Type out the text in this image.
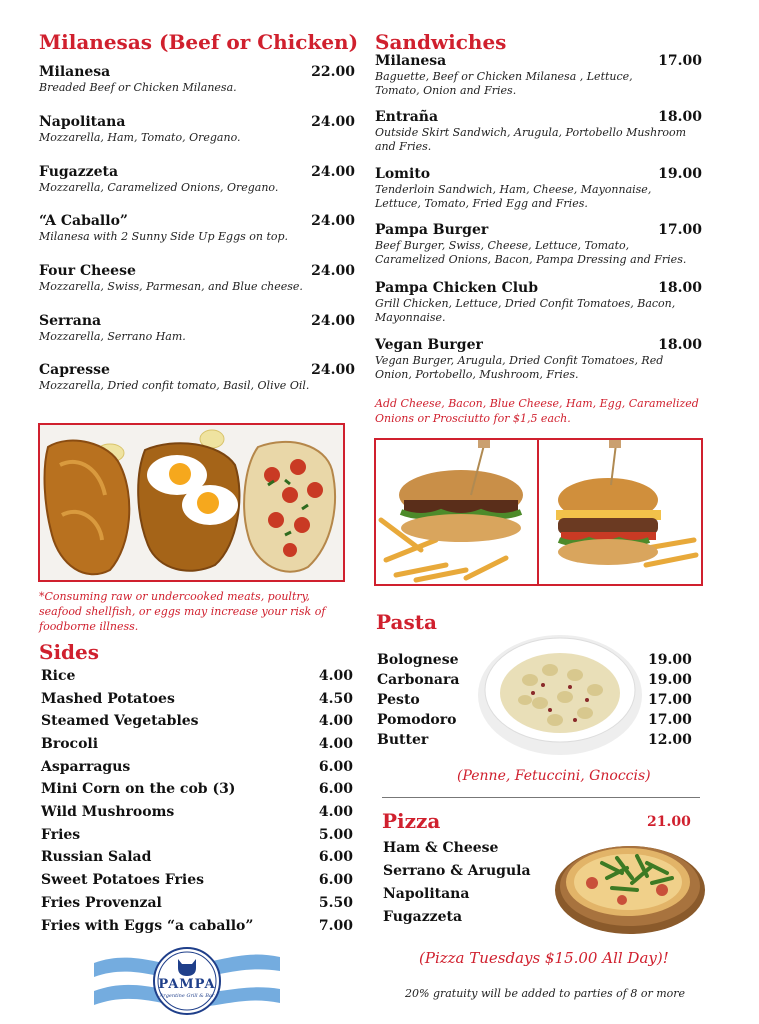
Milanesas (Beef or Chicken)
Milanesa
Breaded Beef or Chicken Milanesa.
22.00
Napolitana
Mozzarella, Ham, Tomato, Oregano.
24.00
Fugazzeta
Mozzarella, Caramelized Onions, Oregano.
24.00
“A Caballo”
Milanesa with 2 Sunny Side Up Eggs on top.
24.00
Four Cheese
Mozzarella, Swiss, Parmesan, and Blue cheese.
24.00
Serrana
Mozzarella, Serrano Ham.
24.00
Capresse
Mozzarella, Dried confit tomato, Basil, Olive Oil.
24.00
*Consuming raw or undercooked meats, poultry, seafood shellfish, or eggs may increase your risk of foodborne illness.
Sides
Rice	4.00
Mashed Potatoes	4.50
Steamed Vegetables	4.00
Brocoli	4.00
Asparragus	6.00
Mini Corn on the cob (3)	6.00
Wild Mushrooms	4.00
Fries	5.00
Russian Salad	6.00
Sweet Potatoes Fries	6.00
Fries Provenzal	5.50
Fries with Eggs “a caballo”	7.00
PAMPA
Argentine Grill & Bar
Sandwiches
Milanesa
Baguette, Beef or Chicken Milanesa , Lettuce, Tomato, Onion and Fries.
17.00
Entraña
Outside Skirt Sandwich, Arugula, Portobello Mushroom and Fries.
18.00
Lomito
Tenderloin Sandwich, Ham, Cheese, Mayonnaise, Lettuce, Tomato, Fried Egg and Fries.
19.00
Pampa Burger
Beef Burger, Swiss, Cheese, Lettuce, Tomato, Caramelized Onions, Bacon, Pampa Dressing and Fries.
17.00
Pampa Chicken Club
Grill Chicken, Lettuce, Dried Confit Tomatoes, Bacon, Mayonnaise.
18.00
Vegan Burger
Vegan Burger, Arugula, Dried Confit Tomatoes, Red Onion, Portobello, Mushroom, Fries.
18.00
Add Cheese, Bacon, Blue Cheese, Ham, Egg, Caramelized Onions or Prosciutto for $1,5 each.
Pasta
Bolognese	19.00
Carbonara	19.00
Pesto	17.00
Pomodoro	17.00
Butter	12.00
(Penne, Fetuccini, Gnoccis)
Pizza	21.00
Ham & Cheese
Serrano & Arugula
Napolitana
Fugazzeta
(Pizza Tuesdays $15.00 All Day)!
20% gratuity will be added to parties of 8 or more
